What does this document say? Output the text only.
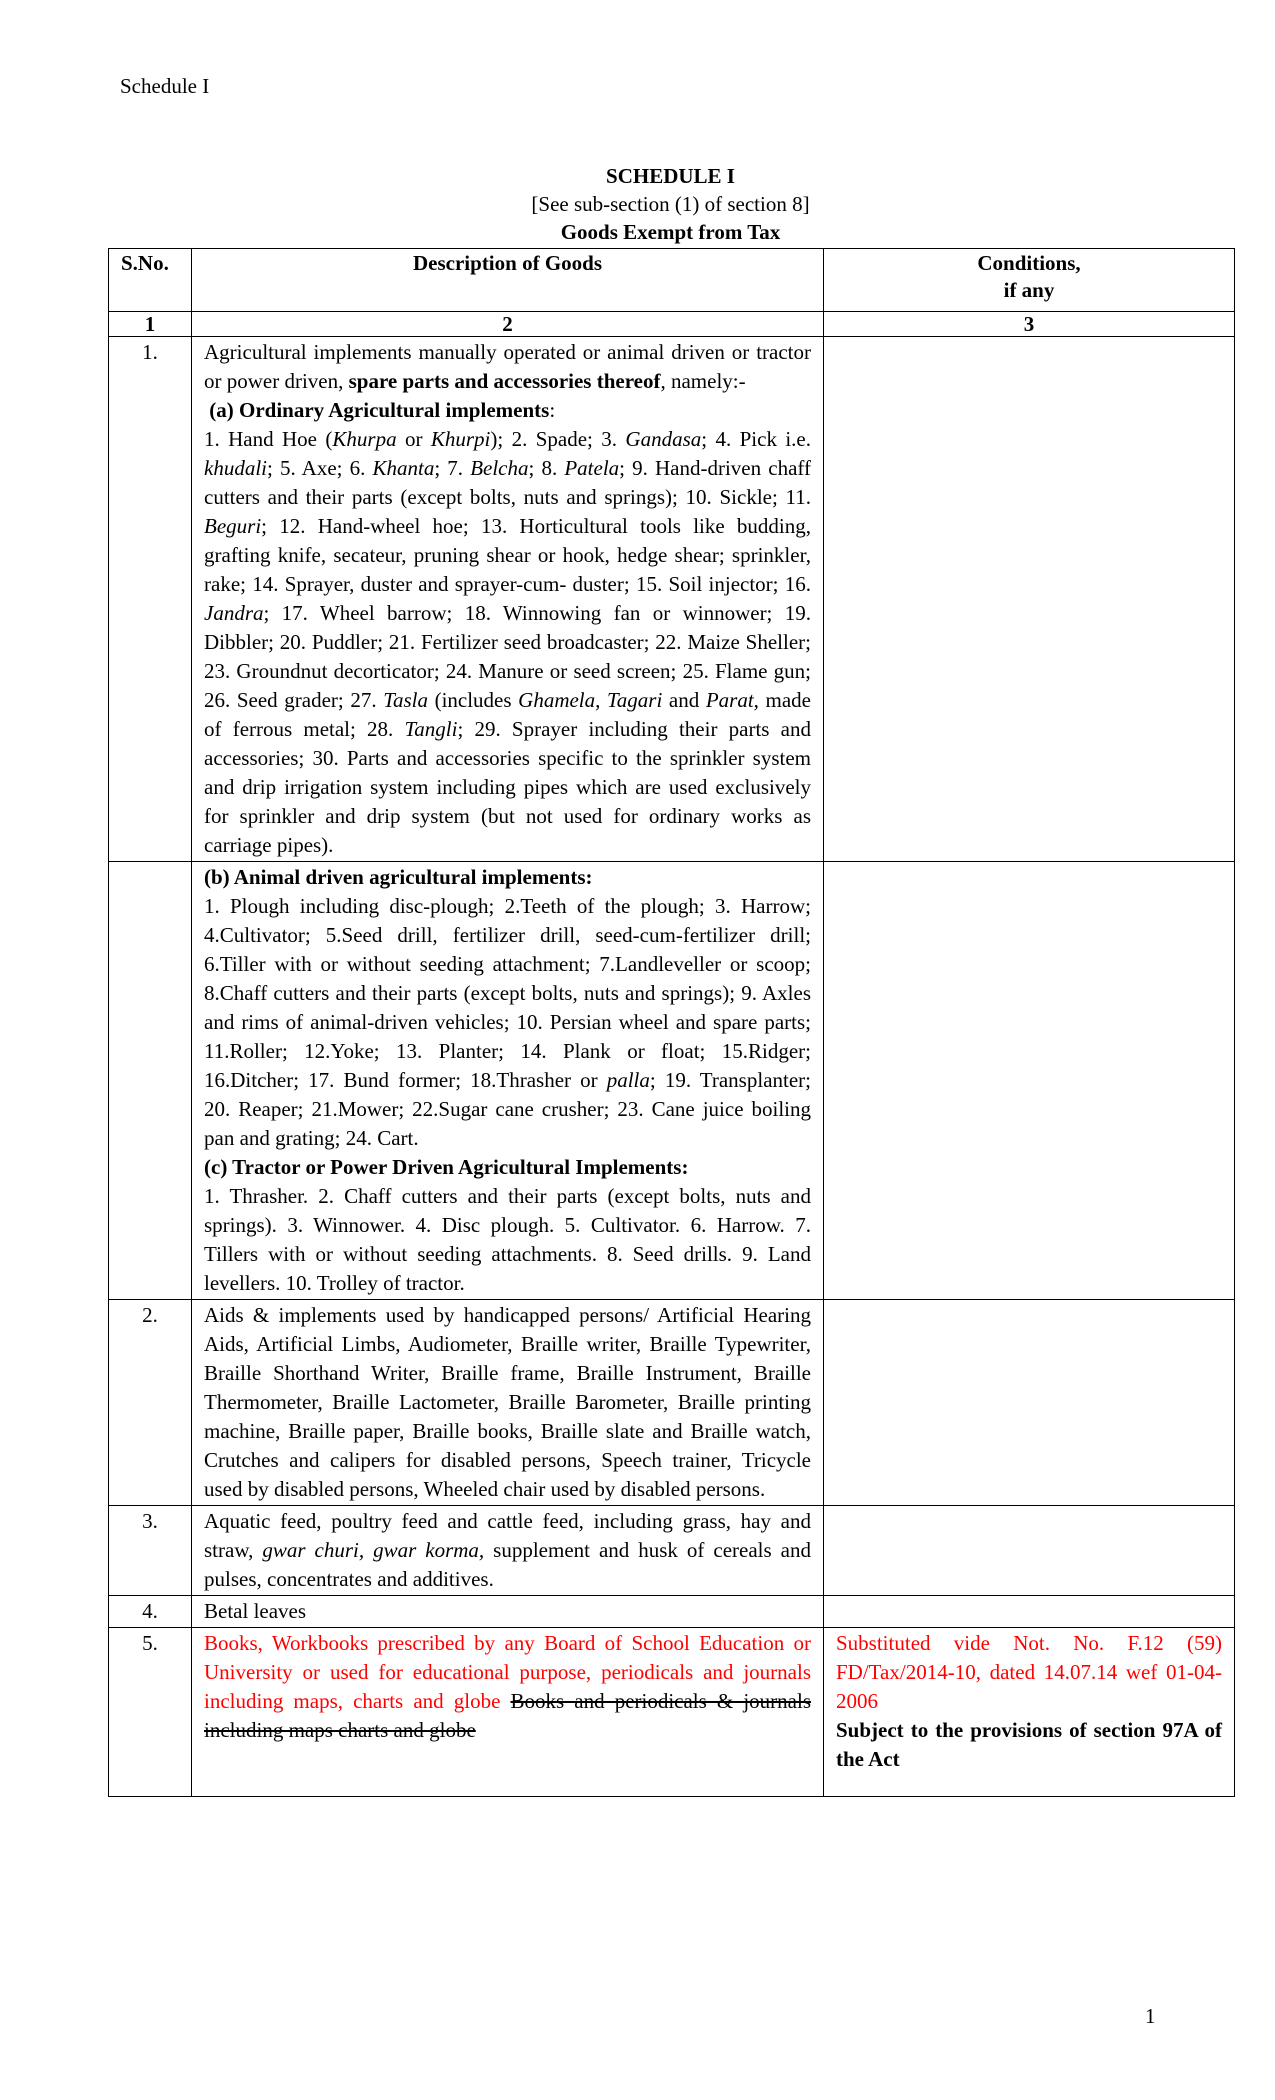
Schedule I
SCHEDULE I
[See sub-section (1) of section 8]
Goods Exempt from Tax
S.No.	Description of Goods	Conditions,
if any
1	2	3
1.	Agricultural implements manually operated or animal driven or tractor or power driven, spare parts and accessories thereof, namely:-
(a) Ordinary Agricultural implements:
1. Hand Hoe (Khurpa or Khurpi); 2. Spade; 3. Gandasa; 4. Pick i.e. khudali; 5. Axe; 6. Khanta; 7. Belcha; 8. Patela; 9. Hand-driven chaff cutters and their parts (except bolts, nuts and springs); 10. Sickle; 11. Beguri; 12. Hand-wheel hoe; 13. Horticultural tools like budding, grafting knife, secateur, pruning shear or hook, hedge shear; sprinkler, rake; 14. Sprayer, duster and sprayer-cum- duster; 15. Soil injector; 16. Jandra; 17. Wheel barrow; 18. Winnowing fan or winnower; 19. Dibbler; 20. Puddler; 21. Fertilizer seed broadcaster; 22. Maize Sheller; 23. Groundnut decorticator; 24. Manure or seed screen; 25. Flame gun; 26. Seed grader; 27. Tasla (includes Ghamela, Tagari and Parat, made of ferrous metal; 28. Tangli; 29. Sprayer including their parts and accessories; 30. Parts and accessories specific to the sprinkler system and drip irrigation system including pipes which are used exclusively for sprinkler and drip system (but not used for ordinary works as carriage pipes).	
	(b) Animal driven agricultural implements:
1. Plough including disc-plough; 2.Teeth of the plough; 3. Harrow; 4.Cultivator; 5.Seed drill, fertilizer drill, seed-cum-fertilizer drill; 6.Tiller with or without seeding attachment; 7.Landleveller or scoop; 8.Chaff cutters and their parts (except bolts, nuts and springs); 9. Axles and rims of animal-driven vehicles; 10. Persian wheel and spare parts; 11.Roller; 12.Yoke; 13. Planter; 14. Plank or float; 15.Ridger; 16.Ditcher; 17. Bund former; 18.Thrasher or palla; 19. Transplanter; 20. Reaper; 21.Mower; 22.Sugar cane crusher; 23. Cane juice boiling pan and grating; 24. Cart.
(c) Tractor or Power Driven Agricultural Implements:
1. Thrasher. 2. Chaff cutters and their parts (except bolts, nuts and springs). 3. Winnower. 4. Disc plough. 5. Cultivator. 6. Harrow. 7. Tillers with or without seeding attachments. 8. Seed drills. 9. Land levellers. 10. Trolley of tractor.	
2.	Aids & implements used by handicapped persons/ Artificial Hearing Aids, Artificial Limbs, Audiometer, Braille writer, Braille Typewriter, Braille Shorthand Writer, Braille frame, Braille Instrument, Braille Thermometer, Braille Lactometer, Braille Barometer, Braille printing machine, Braille paper, Braille books, Braille slate and Braille watch, Crutches and calipers for disabled persons, Speech trainer, Tricycle used by disabled persons, Wheeled chair used by disabled persons.	
3.	Aquatic feed, poultry feed and cattle feed, including grass, hay and straw, gwar churi, gwar korma, supplement and husk of cereals and pulses, concentrates and additives.	
4.	Betal leaves	
5.	Books, Workbooks prescribed by any Board of School Education or University or used for educational purpose, periodicals and journals including maps, charts and globe Books and periodicals & journals including maps charts and globe	Substituted vide Not. No. F.12 (59) FD/Tax/2014-10, dated 14.07.14 wef 01-04-2006
Subject to the provisions of section 97A of the Act
1
